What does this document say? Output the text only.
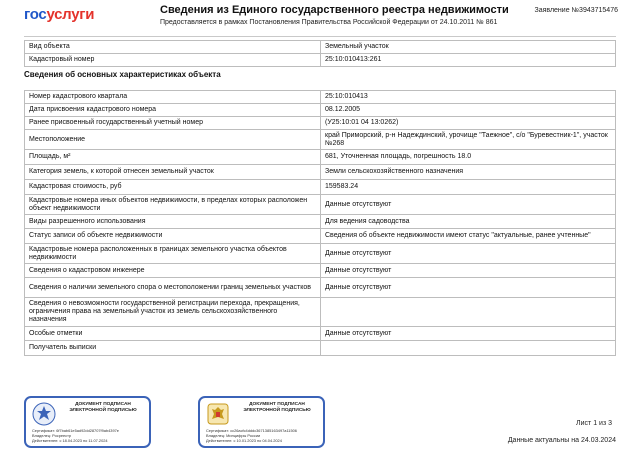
госуслуги	Сведения из Единого государственного реестра недвижимости
Предоставляется в рамках Постановления Правительства Российской Федерации от 24.10.2011 № 861
Заявление №3943715476
Вид объекта	Земельный участок
Кадастровый номер	25:10:010413:261
Сведения об основных характеристиках объекта
Номер кадастрового квартала	25:10:010413
Дата присвоения кадастрового номера	08.12.2005
Ранее присвоенный государственный учетный номер	(У25:10:01 04 13:0262)
Местоположение	край Приморский, р-н Надеждинский, урочище "Таежное", с/о "Буревестник-1", участок №268
Площадь, м²	681, Уточненная площадь, погрешность 18.0
Категория земель, к которой отнесен земельный участок	Земли сельскохозяйственного назначения
Кадастровая стоимость, руб	159583.24
Кадастровые номера иных объектов недвижимости, в пределах которых расположен объект недвижимости	Данные отсутствуют
Виды разрешенного использования	Для ведения садоводства
Статус записи об объекте недвижимости	Сведения об объекте недвижимости имеют статус "актуальные, ранее учтенные"
Кадастровые номера расположенных в границах земельного участка объектов недвижимости	Данные отсутствуют
Сведения о кадастровом инженере	Данные отсутствуют
Сведения о наличии земельного спора о местоположении границ земельных участков	Данные отсутствуют
Сведения о невозможности государственной регистрации перехода, прекращения, ограничения права на земельный участок из земель сельскохозяйственного назначения	
Особые отметки	Данные отсутствуют
Получатель выписки	
ДОКУМЕНТ ПОДПИСАН ЭЛЕКТРОННОЙ ПОДПИСЬЮ
Сертификат: 6f7bab61e5ad92dd28707f9ab4397e
Владелец: Росреестр
Действителен: с 18.04.2023 по 11.07.2024
ДОКУМЕНТ ПОДПИСАН ЭЛЕКТРОННОЙ ПОДПИСЬЮ
Сертификат: cc26acfc4dddc3671385163497a11506
Владелец: Минцифры России
Действителен: с 10.01.2023 по 04.04.2024
Лист 1 из 3
Данные актуальны на 24.03.2024
